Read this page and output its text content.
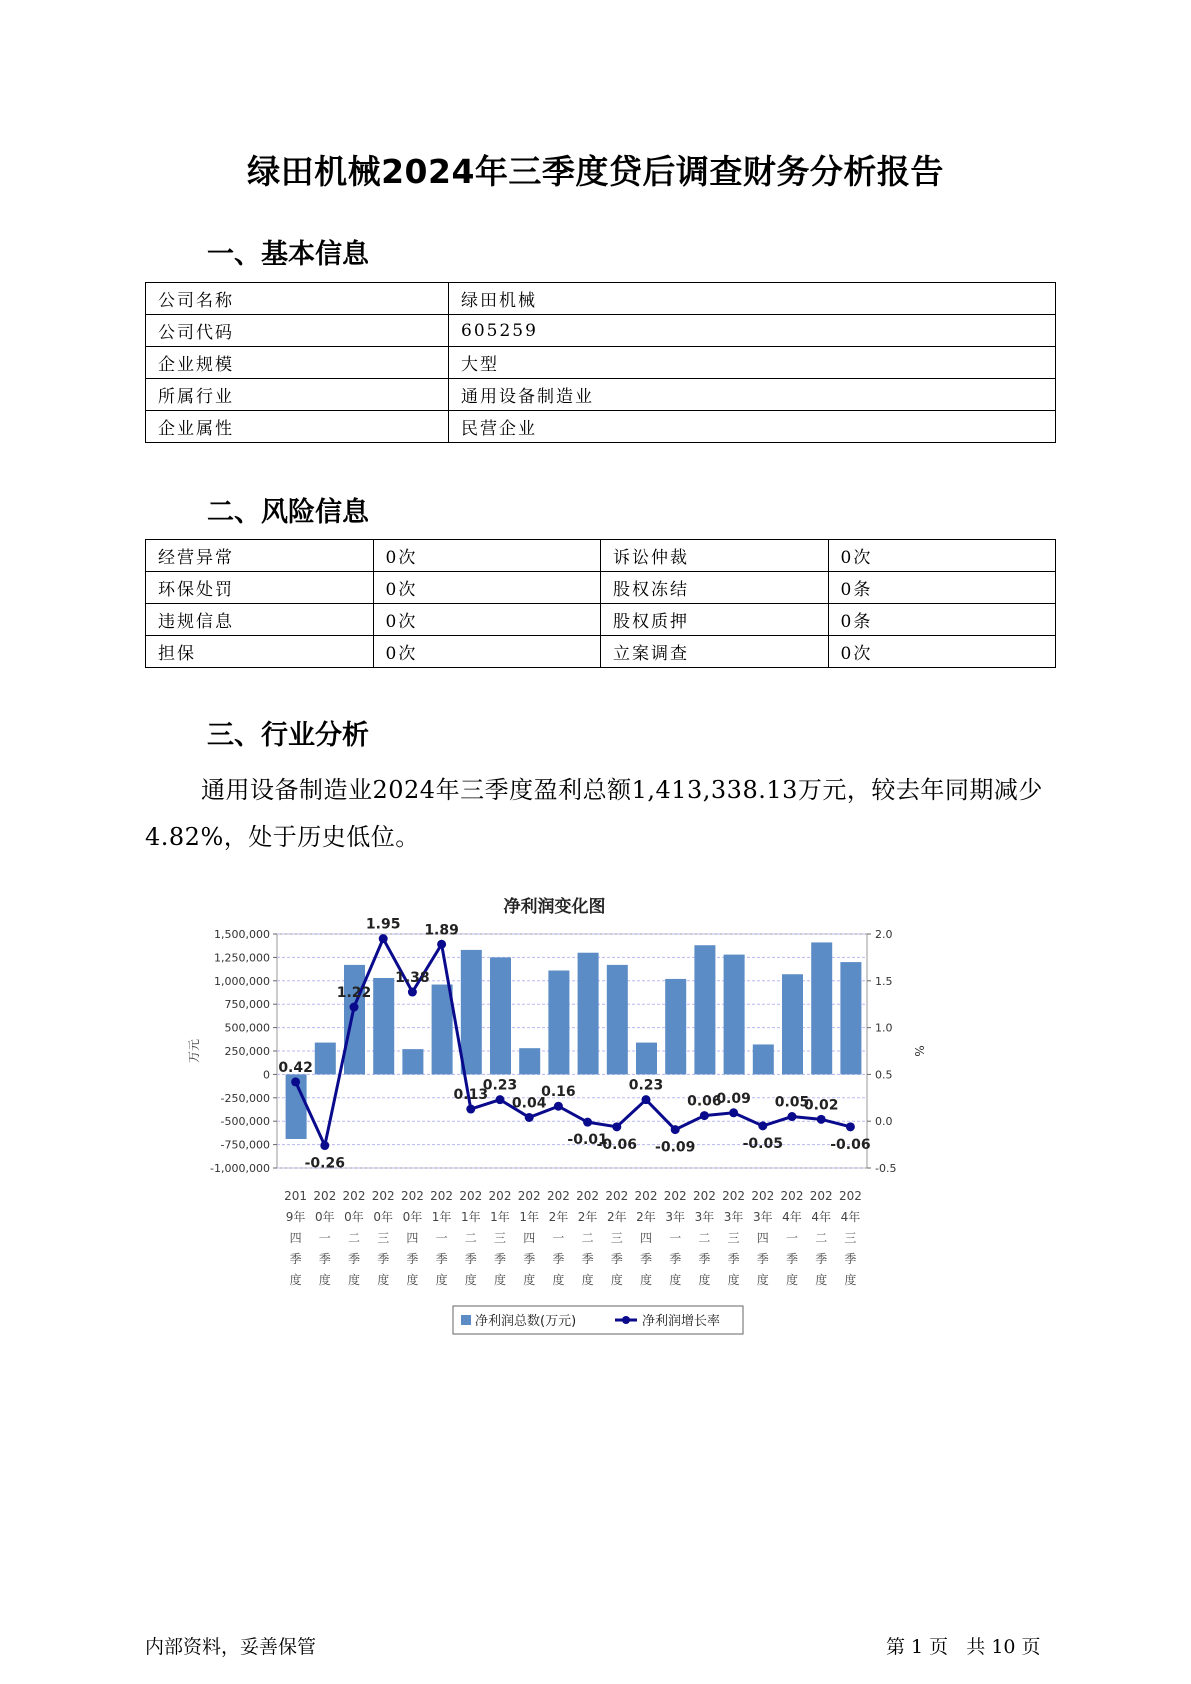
绿田机械2024年三季度贷后调查财务分析报告
一、基本信息
公司名称	绿田机械
公司代码	605259
企业规模	大型
所属行业	通用设备制造业
企业属性	民营企业
二、风险信息
经营异常	0次	诉讼仲裁	0次
环保处罚	0次	股权冻结	0条
违规信息	0次	股权质押	0条
担保	0次	立案调查	0次
三、行业分析
通用设备制造业2024年三季度盈利总额1,413,338.13万元，较去年同期减少4.82%，处于历史低位。
净利润变化图
1,500,000
1,250,000
1,000,000
750,000
500,000
250,000
0
-250,000
-500,000
-750,000
-1,000,000
2.0
1.5
1.0
0.5
0.0
-0.5
万元	%
0.42
-0.26
1.22
1.95
1.38
1.89
0.13
0.23
0.04
0.16
-0.01
-0.06
0.23
-0.09
0.06
0.09
-0.05
0.05
0.02
-0.06
201 9年四季度
202 0年一季度
202 0年二季度
202 0年三季度
202 0年四季度
202 1年一季度
202 1年二季度
202 1年三季度
202 1年四季度
202 2年一季度
202 2年二季度
202 2年三季度
202 2年四季度
202 3年一季度
202 3年二季度
202 3年三季度
202 3年四季度
202 4年一季度
202 4年二季度
202 4年三季度
净利润总数(万元)	净利润增长率
内部资料，妥善保管	第 1 页   共 10 页
